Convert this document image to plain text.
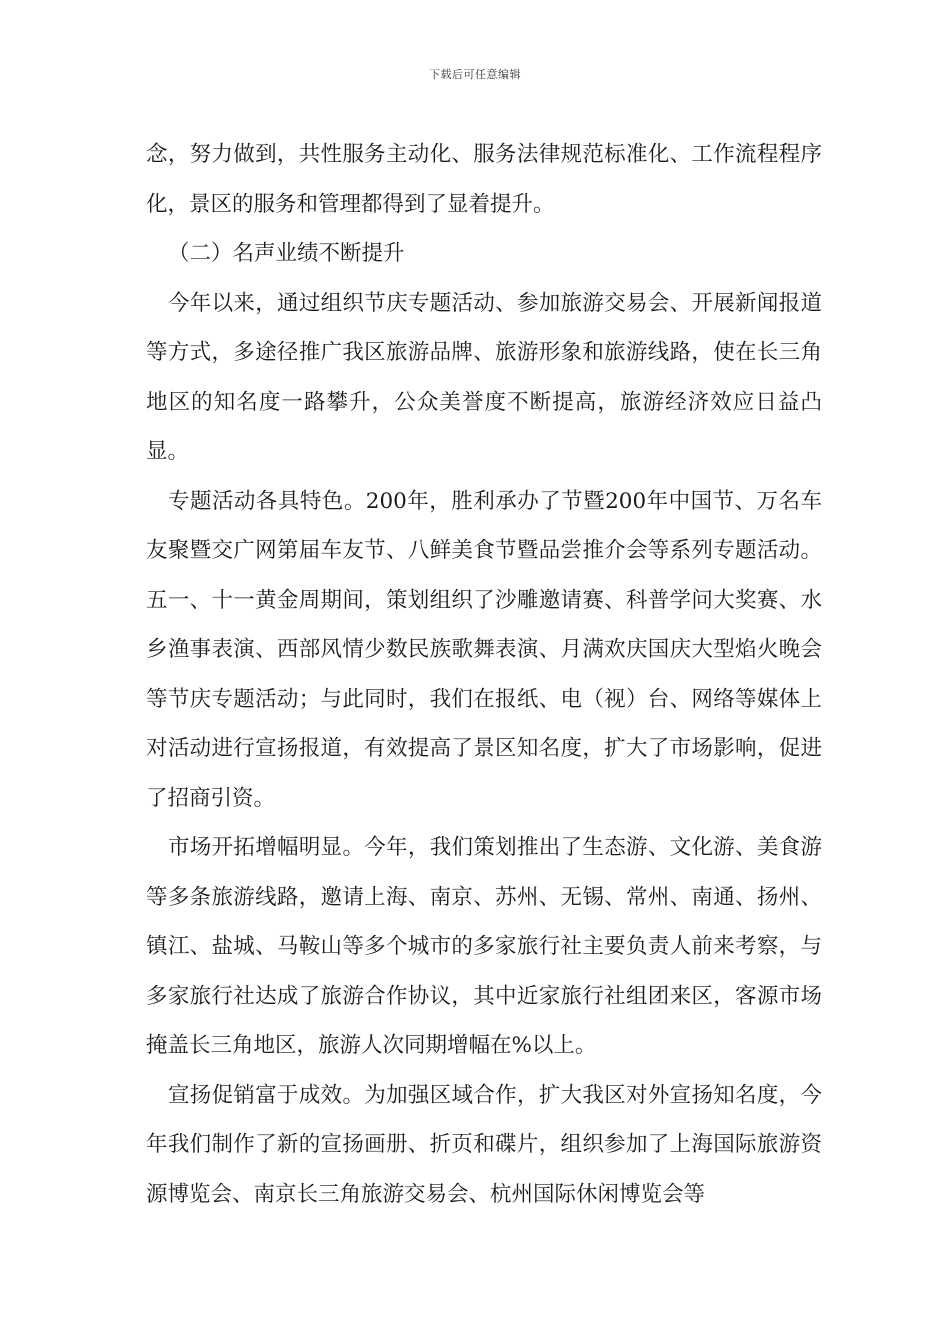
下载后可任意编辑

念，努力做到，共性服务主动化、服务法律规范标准化、工作流程程序化，景区的服务和管理都得到了显着提升。

（二）名声业绩不断提升

今年以来，通过组织节庆专题活动、参加旅游交易会、开展新闻报道等方式，多途径推广我区旅游品牌、旅游形象和旅游线路，使在长三角地区的知名度一路攀升，公众美誉度不断提高，旅游经济效应日益凸显。

专题活动各具特色。200年，胜利承办了节暨200年中国节、万名车友聚暨交广网第届车友节、八鲜美食节暨品尝推介会等系列专题活动。五一、十一黄金周期间，策划组织了沙雕邀请赛、科普学问大奖赛、水乡渔事表演、西部风情少数民族歌舞表演、月满欢庆国庆大型焰火晚会等节庆专题活动；与此同时，我们在报纸、电（视）台、网络等媒体上对活动进行宣扬报道，有效提高了景区知名度，扩大了市场影响，促进了招商引资。

市场开拓增幅明显。今年，我们策划推出了生态游、文化游、美食游等多条旅游线路，邀请上海、南京、苏州、无锡、常州、南通、扬州、镇江、盐城、马鞍山等多个城市的多家旅行社主要负责人前来考察，与多家旅行社达成了旅游合作协议，其中近家旅行社组团来区，客源市场掩盖长三角地区，旅游人次同期增幅在%以上。

宣扬促销富于成效。为加强区域合作，扩大我区对外宣扬知名度，今年我们制作了新的宣扬画册、折页和碟片，组织参加了上海国际旅游资源博览会、南京长三角旅游交易会、杭州国际休闲博览会等
